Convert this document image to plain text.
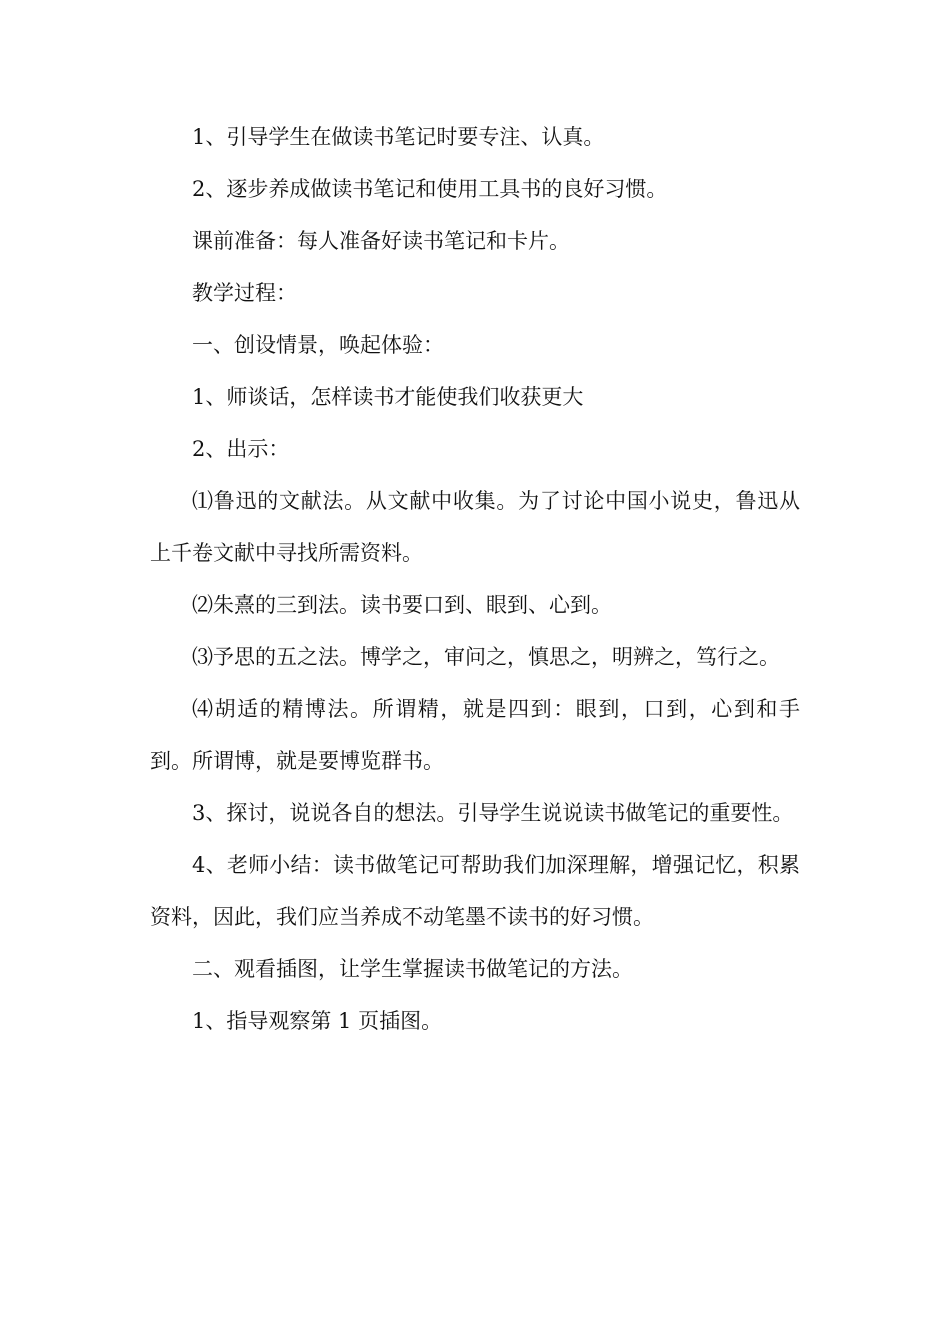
1、引导学生在做读书笔记时要专注、认真。

2、逐步养成做读书笔记和使用工具书的良好习惯。

课前准备：每人准备好读书笔记和卡片。

教学过程：

一、创设情景，唤起体验：

1、师谈话，怎样读书才能使我们收获更大

2、出示：

⑴鲁迅的文献法。从文献中收集。为了讨论中国小说史，鲁迅从上千卷文献中寻找所需资料。

⑵朱熹的三到法。读书要口到、眼到、心到。

⑶予思的五之法。博学之，审问之，慎思之，明辨之，笃行之。

⑷胡适的精博法。所谓精，就是四到：眼到，口到，心到和手到。所谓博，就是要博览群书。

3、探讨，说说各自的想法。引导学生说说读书做笔记的重要性。

4、老师小结：读书做笔记可帮助我们加深理解，增强记忆，积累资料，因此，我们应当养成不动笔墨不读书的好习惯。

二、观看插图，让学生掌握读书做笔记的方法。

1、指导观察第 1 页插图。
